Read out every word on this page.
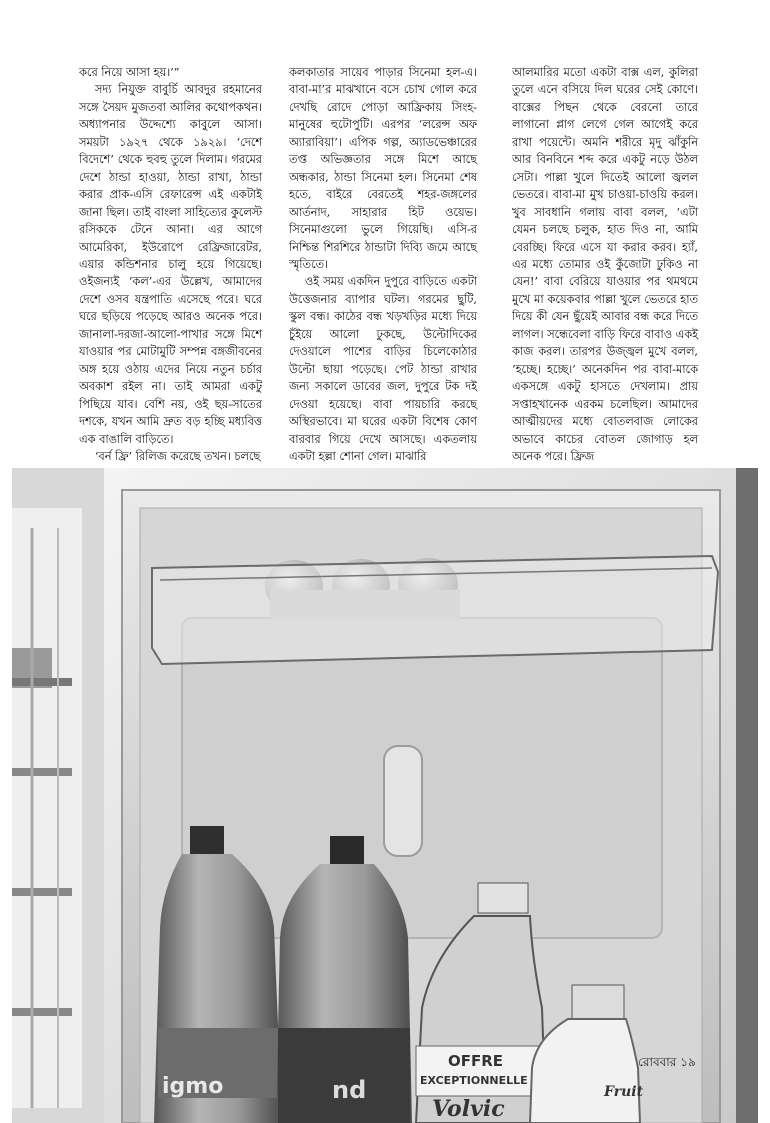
করে নিয়ে আসা হয়।’”

সদ্য নিযুক্ত বাবুর্চি আবদুর রহমানের সঙ্গে সৈয়দ মুজতবা আলির কথোপকথন। অধ্যাপনার উদ্দেশ্যে কাবুলে আসা। সময়টা ১৯২৭ থেকে ১৯২৯। ‘দেশে বিদেশে’ থেকে হুবহু তুলে দিলাম। গরমের দেশে ঠান্ডা হাওয়া, ঠান্ডা রাখা, ঠান্ডা করার প্রাক-এসি রেফারেন্স এই একটাই জানা ছিল। তাই বাংলা সাহিত্যের কুলেস্ট রসিককে টেনে আনা। এর আগে আমেরিকা, ইউরোপে রেফ্রিজারেটর, এয়ার কন্ডিশনার চালু হয়ে গিয়েছে। ওইজন্যই ‘কল’-এর উল্লেখ, আমাদের দেশে ওসব যন্ত্রপাতি এসেছে পরে। ঘরে ঘরে ছড়িয়ে পড়েছে আরও অনেক পরে। জানালা-দরজা-আলো-পাখার সঙ্গে মিশে যাওয়ার পর মোটামুটি সম্পন্ন বঙ্গজীবনের অঙ্গ হয়ে ওঠায় এদের নিয়ে নতুন চর্চার অবকাশ রইল না। তাই আমরা একটু পিছিয়ে যাব। বেশি নয়, ওই ছয়-সাতের দশকে, যখন আমি দ্রুত বড় হচ্ছি মধ্যবিত্ত এক বাঙালি বাড়িতে।

‘বর্ন ফ্রি’ রিলিজ করেছে তখন। চলছে

কলকাতার সায়েব পাড়ার সিনেমা হল-এ। বাবা-মা’র মাঝখানে বসে চোখ গোল করে দেখছি রোদে পোড়া আফ্রিকায় সিংহ-মানুষের হুটোপুটি। এরপর ‘লরেন্স অফ অ্যারাবিয়া’। এপিক গল্প, অ্যাডভেঞ্চারের তপ্ত অভিজ্ঞতার সঙ্গে মিশে আছে অন্ধকার, ঠান্ডা সিনেমা হল। সিনেমা শেষ হতে, বাইরে বেরতেই শহর-জঙ্গলের আর্তনাদ, সাহারার হিট ওয়েভ। সিনেমাগুলো ভুলে গিয়েছি। এসি-র নিশ্চিন্ত শিরশিরে ঠান্ডাটা দিব্যি জমে আছে স্মৃতিতে।

ওই সময় একদিন দুপুরে বাড়িতে একটা উত্তেজনার ব্যাপার ঘটল। গরমের ছুটি, স্কুল বন্ধ। কাঠের বন্ধ খড়খড়ির মধ্যে দিয়ে চুঁইয়ে আলো ঢুকছে, উল্টোদিকের দেওয়ালে পাশের বাড়ির চিলেকোঠার উল্টো ছায়া পড়েছে। পেট ঠান্ডা রাখার জন্য সকালে ডাবের জল, দুপুরে টক দই দেওয়া হয়েছে। বাবা পায়চারি করছে অস্থিরভাবে। মা ঘরের একটা বিশেষ কোণ বারবার গিয়ে দেখে আসছে। একতলায় একটা হল্লা শোনা গেল। মাঝারি

আলমারির মতো একটা বাক্স এল, কুলিরা তুলে এনে বসিয়ে দিল ঘরের সেই কোণে। বাক্সের পিছন থেকে বেরনো তারে লাগানো প্লাগ লেগে গেল আগেই করে রাখা পয়েন্টে। অমনি শরীরে মৃদু ঝাঁকুনি আর বিনবিনে শব্দ করে একটু নড়ে উঠল সেটা। পাল্লা খুলে দিতেই আলো জ্বলল ভেতরে। বাবা-মা মুখ চাওয়া-চাওয়ি করল। খুব সাবধানি গলায় বাবা বলল, ‘এটা যেমন চলছে চলুক, হাত দিও না, আমি বেরচ্ছি। ফিরে এসে যা করার করব। হ্যাঁ, এর মধ্যে তোমার ওই কুঁজোটা ঢুকিও না যেন!’ বাবা বেরিয়ে যাওয়ার পর থমথমে মুখে মা কয়েকবার পাল্লা খুলে ভেতরে হাত দিয়ে কী যেন ছুঁয়েই আবার বন্ধ করে দিতে লাগল। সন্ধেবেলা বাড়ি ফিরে বাবাও একই কাজ করল। তারপর উজ্জ্বল মুখে বলল, ‘হচ্ছে। হচ্ছে।’ অনেকদিন পর বাবা-মাকে একসঙ্গে একটু হাসতে দেখলাম। প্রায় সপ্তাহখানেক এরকম চলেছিল। আমাদের আত্মীয়দের মধ্যে বোতলবাজ লোকের অভাবে কাচের বোতল জোগাড় হল অনেক পরে। ফ্রিজ

igmo	nd
OFFRE
EXCEPTIONNELLE
Volvic
Fruit
রোববার ১৯
